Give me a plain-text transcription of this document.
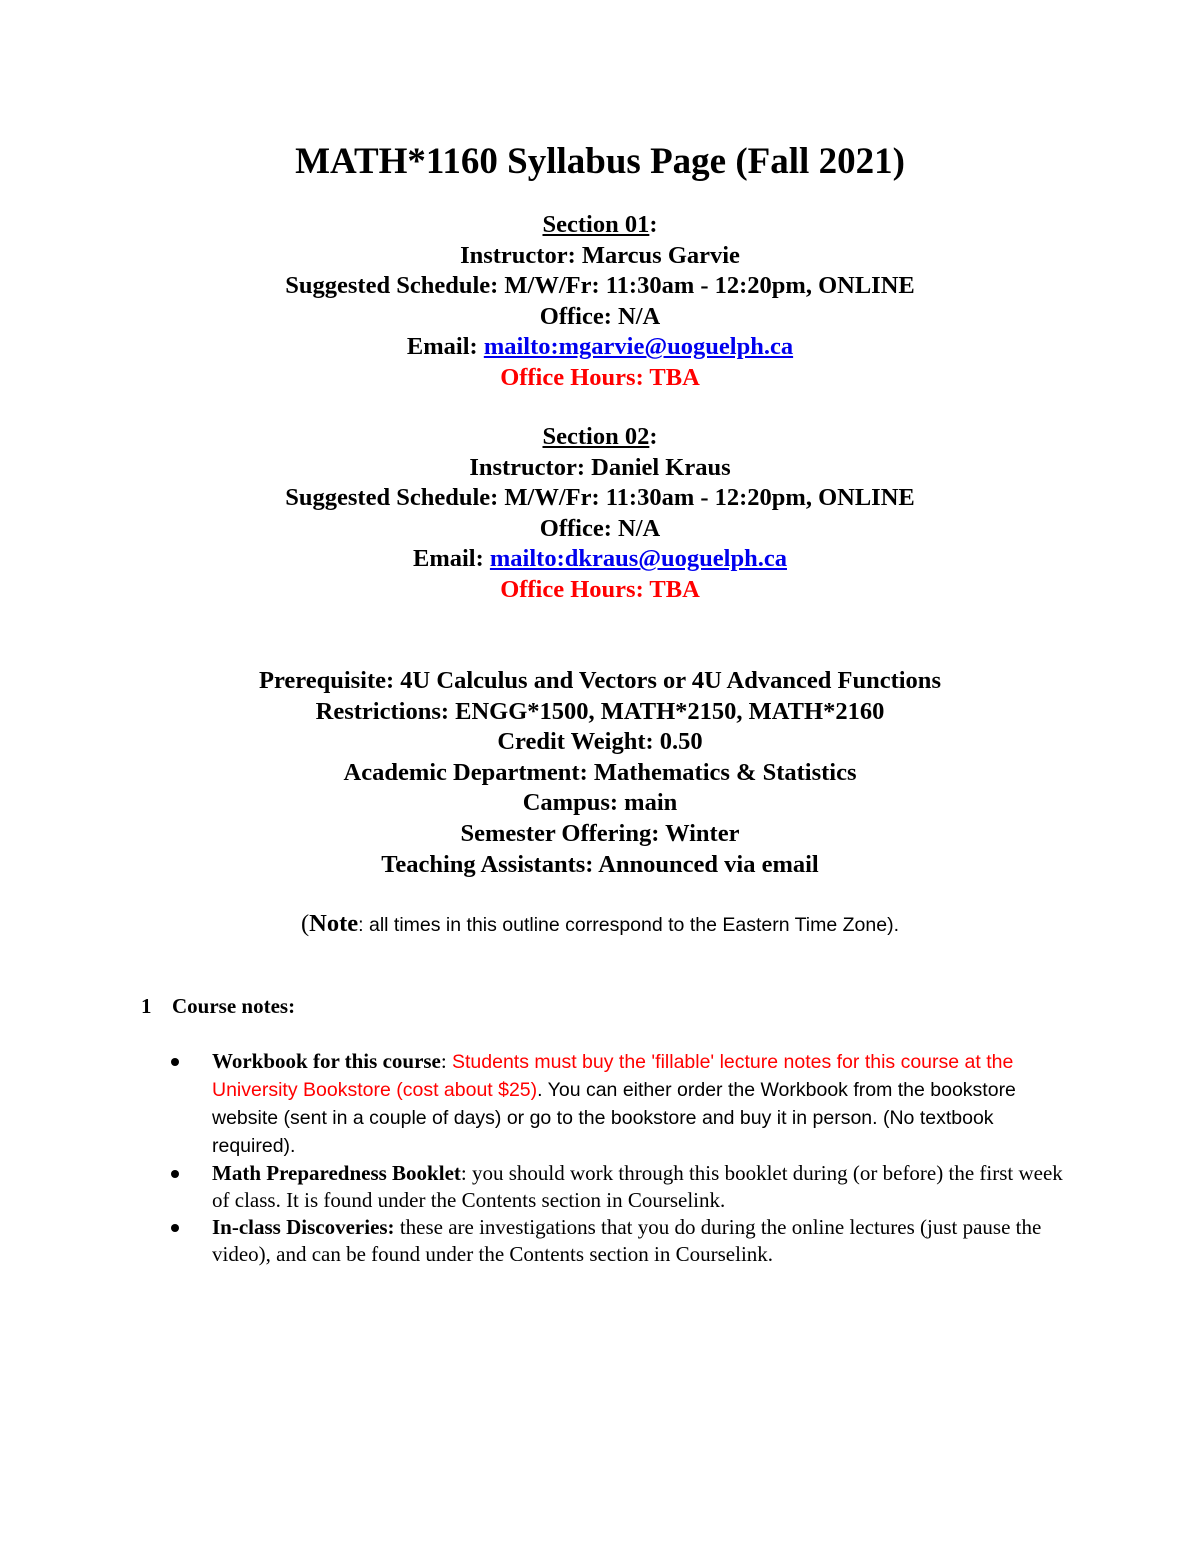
MATH*1160 Syllabus Page (Fall 2021)
Section 01:
Instructor: Marcus Garvie
Suggested Schedule: M/W/Fr: 11:30am - 12:20pm, ONLINE
Office: N/A
Email: mailto:mgarvie@uoguelph.ca
Office Hours: TBA
Section 02:
Instructor: Daniel Kraus
Suggested Schedule: M/W/Fr: 11:30am - 12:20pm, ONLINE
Office: N/A
Email: mailto:dkraus@uoguelph.ca
Office Hours: TBA
Prerequisite: 4U Calculus and Vectors or 4U Advanced Functions
Restrictions: ENGG*1500, MATH*2150, MATH*2160
Credit Weight: 0.50
Academic Department: Mathematics & Statistics
Campus: main
Semester Offering: Winter
Teaching Assistants: Announced via email
(Note: all times in this outline correspond to the Eastern Time Zone).
1 Course notes:
Workbook for this course: Students must buy the 'fillable' lecture notes for this course at the University Bookstore (cost about $25). You can either order the Workbook from the bookstore website (sent in a couple of days) or go to the bookstore and buy it in person. (No textbook required).
Math Preparedness Booklet: you should work through this booklet during (or before) the first week of class. It is found under the Contents section in Courselink.
In-class Discoveries: these are investigations that you do during the online lectures (just pause the video), and can be found under the Contents section in Courselink.
